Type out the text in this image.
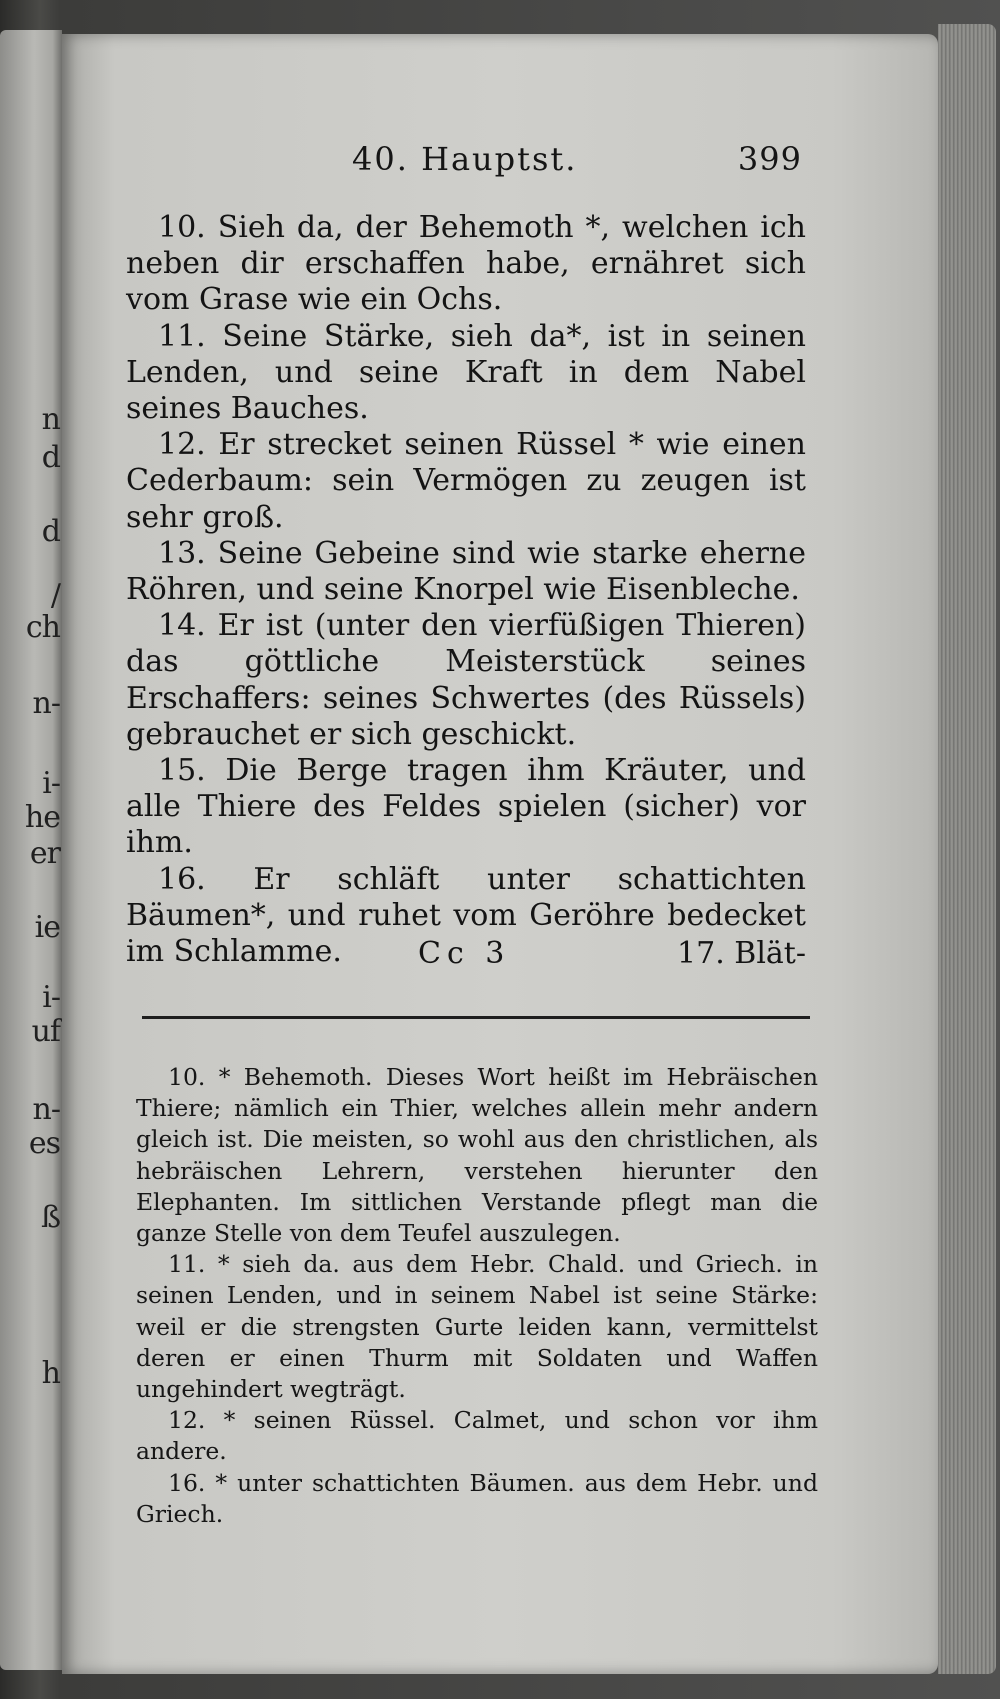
n
d
d
/
ch
n-
i-
he
er
ie
i-
uf
n-
es
ß
h
40. Hauptst.	399

10. Sieh da, der Behemoth *, welchen ich neben dir erschaffen habe, ernähret sich vom Grase wie ein Ochs.

11. Seine Stärke, sieh da*, ist in seinen Lenden, und seine Kraft in dem Nabel seines Bauches.

12. Er strecket seinen Rüssel * wie einen Cederbaum: sein Vermögen zu zeugen ist sehr groß.

13. Seine Gebeine sind wie starke eherne Röhren, und seine Knorpel wie Eisenbleche.

14. Er ist (unter den vierfüßigen Thieren) das göttliche Meisterstück seines Erschaffers: seines Schwertes (des Rüssels) gebrauchet er sich geschickt.

15. Die Berge tragen ihm Kräuter, und alle Thiere des Feldes spielen (sicher) vor ihm.

16. Er schläft unter schattichten Bäumen*, und ruhet vom Geröhre bedecket im Schlamme.	Cc 3	17. Blät-

10. * Behemoth. Dieses Wort heißt im Hebräischen Thiere; nämlich ein Thier, welches allein mehr andern gleich ist. Die meisten, so wohl aus den christlichen, als hebräischen Lehrern, verstehen hierunter den Elephanten. Im sittlichen Verstande pflegt man die ganze Stelle von dem Teufel auszulegen.

11. * sieh da. aus dem Hebr. Chald. und Griech. in seinen Lenden, und in seinem Nabel ist seine Stärke: weil er die strengsten Gurte leiden kann, vermittelst deren er einen Thurm mit Soldaten und Waffen ungehindert wegträgt.

12. * seinen Rüssel. Calmet, und schon vor ihm andere.

16. * unter schattichten Bäumen. aus dem Hebr. und Griech.
